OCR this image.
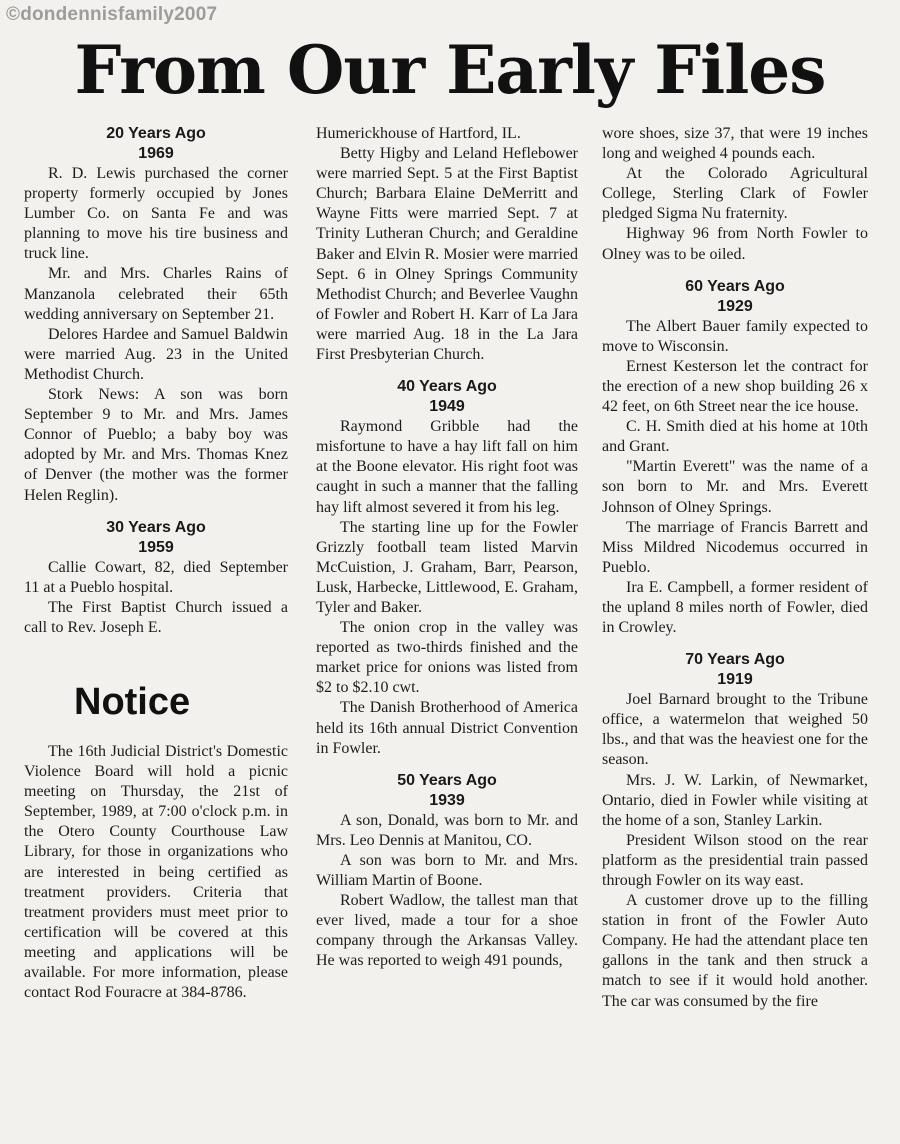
©dondennisfamily2007
From Our Early Files
20 Years Ago
1969

R. D. Lewis purchased the corner property formerly occupied by Jones Lumber Co. on Santa Fe and was planning to move his tire business and truck line.

Mr. and Mrs. Charles Rains of Manzanola celebrated their 65th wedding anniversary on September 21.

Delores Hardee and Samuel Baldwin were married Aug. 23 in the United Methodist Church.

Stork News: A son was born September 9 to Mr. and Mrs. James Connor of Pueblo; a baby boy was adopted by Mr. and Mrs. Thomas Knez of Denver (the mother was the former Helen Reglin).

30 Years Ago
1959

Callie Cowart, 82, died September 11 at a Pueblo hospital.

The First Baptist Church issued a call to Rev. Joseph E.

Notice

The 16th Judicial District's Domestic Violence Board will hold a picnic meeting on Thursday, the 21st of September, 1989, at 7:00 o'clock p.m. in the Otero County Courthouse Law Library, for those in organizations who are interested in being certified as treatment providers. Criteria that treatment providers must meet prior to certification will be covered at this meeting and applications will be available. For more information, please contact Rod Fouracre at 384-8786.

Humerickhouse of Hartford, IL.

Betty Higby and Leland Heflebower were married Sept. 5 at the First Baptist Church; Barbara Elaine DeMerritt and Wayne Fitts were married Sept. 7 at Trinity Lutheran Church; and Geraldine Baker and Elvin R. Mosier were married Sept. 6 in Olney Springs Community Methodist Church; and Beverlee Vaughn of Fowler and Robert H. Karr of La Jara were married Aug. 18 in the La Jara First Presbyterian Church.

40 Years Ago
1949

Raymond Gribble had the misfortune to have a hay lift fall on him at the Boone elevator. His right foot was caught in such a manner that the falling hay lift almost severed it from his leg.

The starting line up for the Fowler Grizzly football team listed Marvin McCuistion, J. Graham, Barr, Pearson, Lusk, Harbecke, Littlewood, E. Graham, Tyler and Baker.

The onion crop in the valley was reported as two-thirds finished and the market price for onions was listed from $2 to $2.10 cwt.

The Danish Brotherhood of America held its 16th annual District Convention in Fowler.

50 Years Ago
1939

A son, Donald, was born to Mr. and Mrs. Leo Dennis at Manitou, CO.

A son was born to Mr. and Mrs. William Martin of Boone.

Robert Wadlow, the tallest man that ever lived, made a tour for a shoe company through the Arkansas Valley. He was reported to weigh 491 pounds,

wore shoes, size 37, that were 19 inches long and weighed 4 pounds each.

At the Colorado Agricultural College, Sterling Clark of Fowler pledged Sigma Nu fraternity.

Highway 96 from North Fowler to Olney was to be oiled.

60 Years Ago
1929

The Albert Bauer family expected to move to Wisconsin.

Ernest Kesterson let the contract for the erection of a new shop building 26 x 42 feet, on 6th Street near the ice house.

C. H. Smith died at his home at 10th and Grant.

"Martin Everett" was the name of a son born to Mr. and Mrs. Everett Johnson of Olney Springs.

The marriage of Francis Barrett and Miss Mildred Nicodemus occurred in Pueblo.

Ira E. Campbell, a former resident of the upland 8 miles north of Fowler, died in Crowley.

70 Years Ago
1919

Joel Barnard brought to the Tribune office, a watermelon that weighed 50 lbs., and that was the heaviest one for the season.

Mrs. J. W. Larkin, of Newmarket, Ontario, died in Fowler while visiting at the home of a son, Stanley Larkin.

President Wilson stood on the rear platform as the presidential train passed through Fowler on its way east.

A customer drove up to the filling station in front of the Fowler Auto Company. He had the attendant place ten gallons in the tank and then struck a match to see if it would hold another. The car was consumed by the fire
